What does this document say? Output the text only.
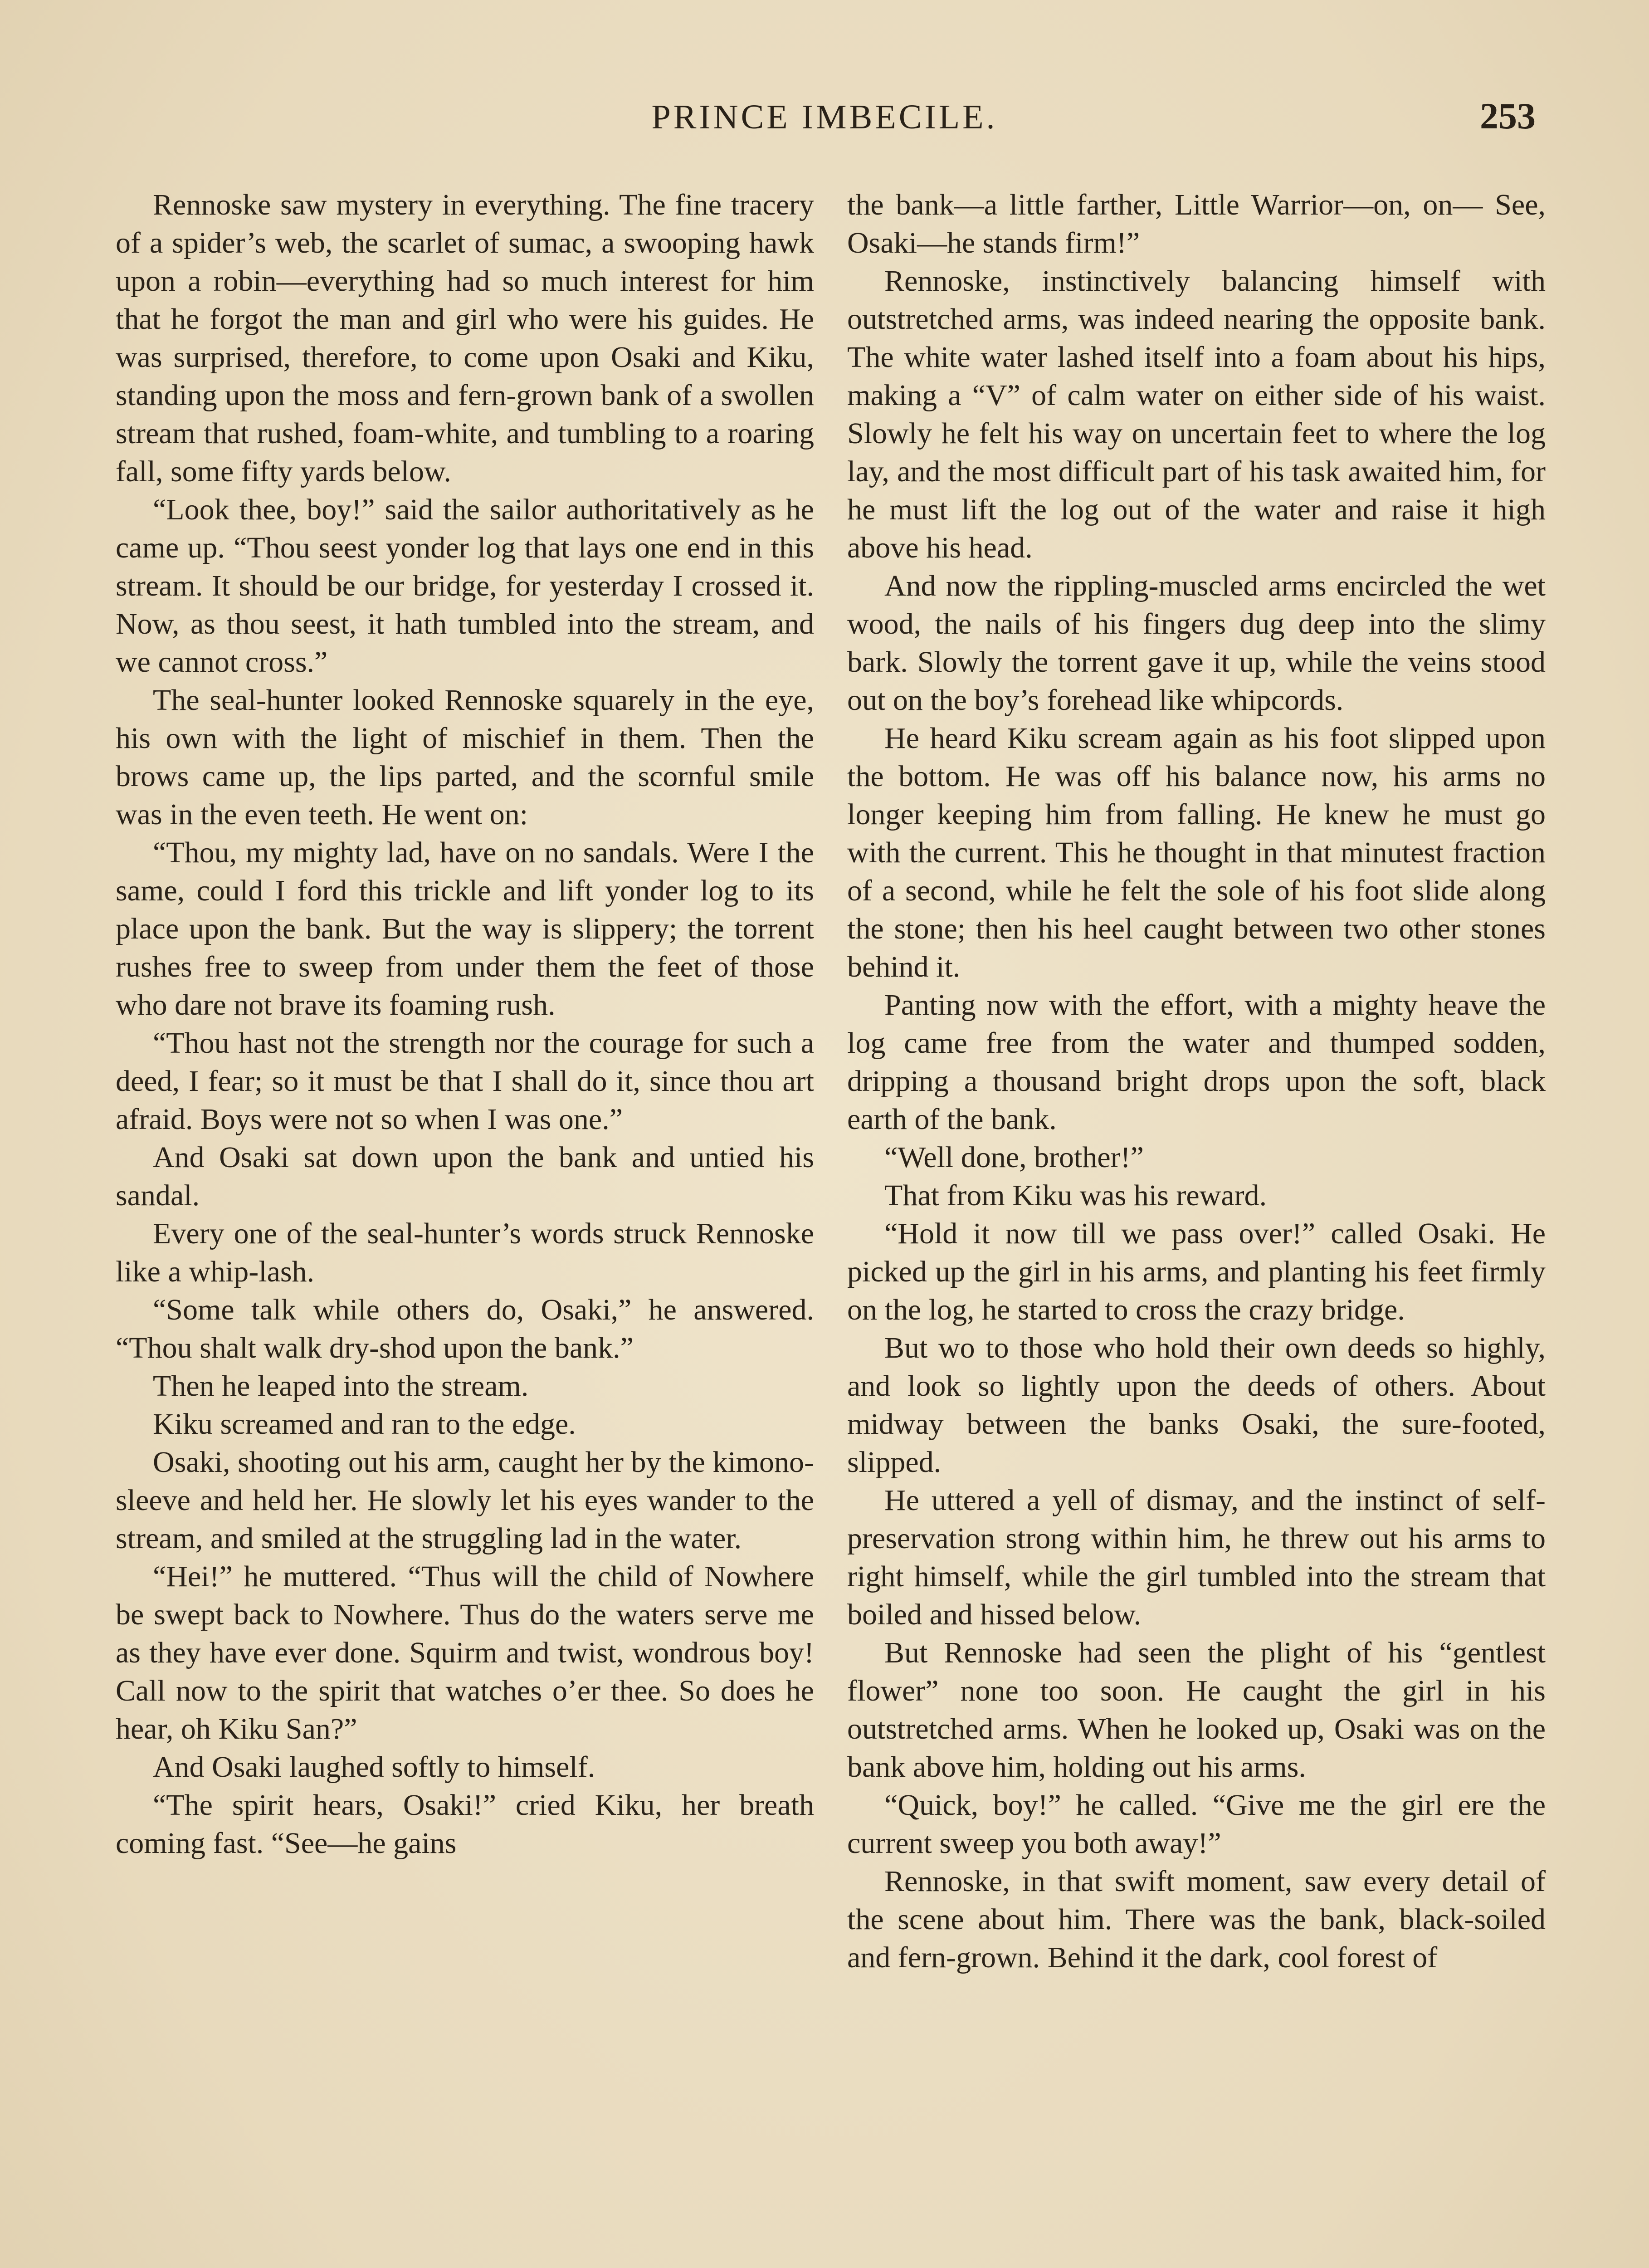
PRINCE IMBECILE.	253

Rennoske saw mystery in everything. The fine tracery of a spider’s web, the scarlet of sumac, a swooping hawk upon a robin—everything had so much interest for him that he forgot the man and girl who were his guides. He was surprised, therefore, to come upon Osaki and Kiku, standing upon the moss and fern-grown bank of a swollen stream that rushed, foam-white, and tumbling to a roaring fall, some fifty yards below.

“Look thee, boy!” said the sailor authoritatively as he came up. “Thou seest yonder log that lays one end in this stream. It should be our bridge, for yesterday I crossed it. Now, as thou seest, it hath tumbled into the stream, and we cannot cross.”

The seal-hunter looked Rennoske squarely in the eye, his own with the light of mischief in them. Then the brows came up, the lips parted, and the scornful smile was in the even teeth. He went on:

“Thou, my mighty lad, have on no sandals. Were I the same, could I ford this trickle and lift yonder log to its place upon the bank. But the way is slippery; the torrent rushes free to sweep from under them the feet of those who dare not brave its foaming rush.

“Thou hast not the strength nor the courage for such a deed, I fear; so it must be that I shall do it, since thou art afraid. Boys were not so when I was one.”

And Osaki sat down upon the bank and untied his sandal.

Every one of the seal-hunter’s words struck Rennoske like a whip-lash.

“Some talk while others do, Osaki,” he answered. “Thou shalt walk dry-shod upon the bank.”

Then he leaped into the stream.

Kiku screamed and ran to the edge.

Osaki, shooting out his arm, caught her by the kimono-sleeve and held her. He slowly let his eyes wander to the stream, and smiled at the struggling lad in the water.

“Hei!” he muttered. “Thus will the child of Nowhere be swept back to Nowhere. Thus do the waters serve me as they have ever done. Squirm and twist, wondrous boy! Call now to the spirit that watches o’er thee. So does he hear, oh Kiku San?”

And Osaki laughed softly to himself.

“The spirit hears, Osaki!” cried Kiku, her breath coming fast. “See—he gains

the bank—a little farther, Little Warrior—on, on— See, Osaki—he stands firm!”

Rennoske, instinctively balancing himself with outstretched arms, was indeed nearing the opposite bank. The white water lashed itself into a foam about his hips, making a “V” of calm water on either side of his waist. Slowly he felt his way on uncertain feet to where the log lay, and the most difficult part of his task awaited him, for he must lift the log out of the water and raise it high above his head.

And now the rippling-muscled arms encircled the wet wood, the nails of his fingers dug deep into the slimy bark. Slowly the torrent gave it up, while the veins stood out on the boy’s forehead like whipcords.

He heard Kiku scream again as his foot slipped upon the bottom. He was off his balance now, his arms no longer keeping him from falling. He knew he must go with the current. This he thought in that minutest fraction of a second, while he felt the sole of his foot slide along the stone; then his heel caught between two other stones behind it.

Panting now with the effort, with a mighty heave the log came free from the water and thumped sodden, dripping a thousand bright drops upon the soft, black earth of the bank.

“Well done, brother!”

That from Kiku was his reward.

“Hold it now till we pass over!” called Osaki. He picked up the girl in his arms, and planting his feet firmly on the log, he started to cross the crazy bridge.

But wo to those who hold their own deeds so highly, and look so lightly upon the deeds of others. About midway between the banks Osaki, the sure-footed, slipped.

He uttered a yell of dismay, and the instinct of self-preservation strong within him, he threw out his arms to right himself, while the girl tumbled into the stream that boiled and hissed below.

But Rennoske had seen the plight of his “gentlest flower” none too soon. He caught the girl in his outstretched arms. When he looked up, Osaki was on the bank above him, holding out his arms.

“Quick, boy!” he called. “Give me the girl ere the current sweep you both away!”

Rennoske, in that swift moment, saw every detail of the scene about him. There was the bank, black-soiled and fern-grown. Behind it the dark, cool forest of
